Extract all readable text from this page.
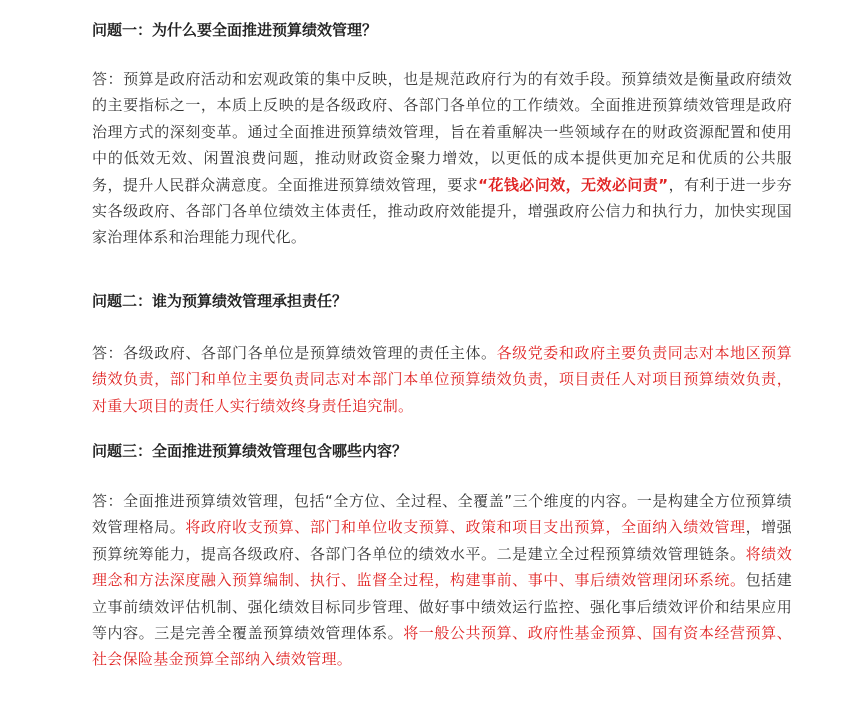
问题一：为什么要全面推进预算绩效管理？

答：预算是政府活动和宏观政策的集中反映，也是规范政府行为的有效手段。预算绩效是衡量政府绩效的主要指标之一，本质上反映的是各级政府、各部门各单位的工作绩效。全面推进预算绩效管理是政府治理方式的深刻变革。通过全面推进预算绩效管理，旨在着重解决一些领域存在的财政资源配置和使用中的低效无效、闲置浪费问题，推动财政资金聚力增效，以更低的成本提供更加充足和优质的公共服务，提升人民群众满意度。全面推进预算绩效管理，要求“花钱必问效，无效必问责”，有利于进一步夯实各级政府、各部门各单位绩效主体责任，推动政府效能提升，增强政府公信力和执行力，加快实现国家治理体系和治理能力现代化。

问题二：谁为预算绩效管理承担责任？

答：各级政府、各部门各单位是预算绩效管理的责任主体。各级党委和政府主要负责同志对本地区预算绩效负责，部门和单位主要负责同志对本部门本单位预算绩效负责，项目责任人对项目预算绩效负责，对重大项目的责任人实行绩效终身责任追究制。

问题三：全面推进预算绩效管理包含哪些内容？

答：全面推进预算绩效管理，包括“全方位、全过程、全覆盖”三个维度的内容。一是构建全方位预算绩效管理格局。将政府收支预算、部门和单位收支预算、政策和项目支出预算，全面纳入绩效管理，增强预算统筹能力，提高各级政府、各部门各单位的绩效水平。二是建立全过程预算绩效管理链条。将绩效理念和方法深度融入预算编制、执行、监督全过程，构建事前、事中、事后绩效管理闭环系统。包括建立事前绩效评估机制、强化绩效目标同步管理、做好事中绩效运行监控、强化事后绩效评价和结果应用等内容。三是完善全覆盖预算绩效管理体系。将一般公共预算、政府性基金预算、国有资本经营预算、社会保险基金预算全部纳入绩效管理。
